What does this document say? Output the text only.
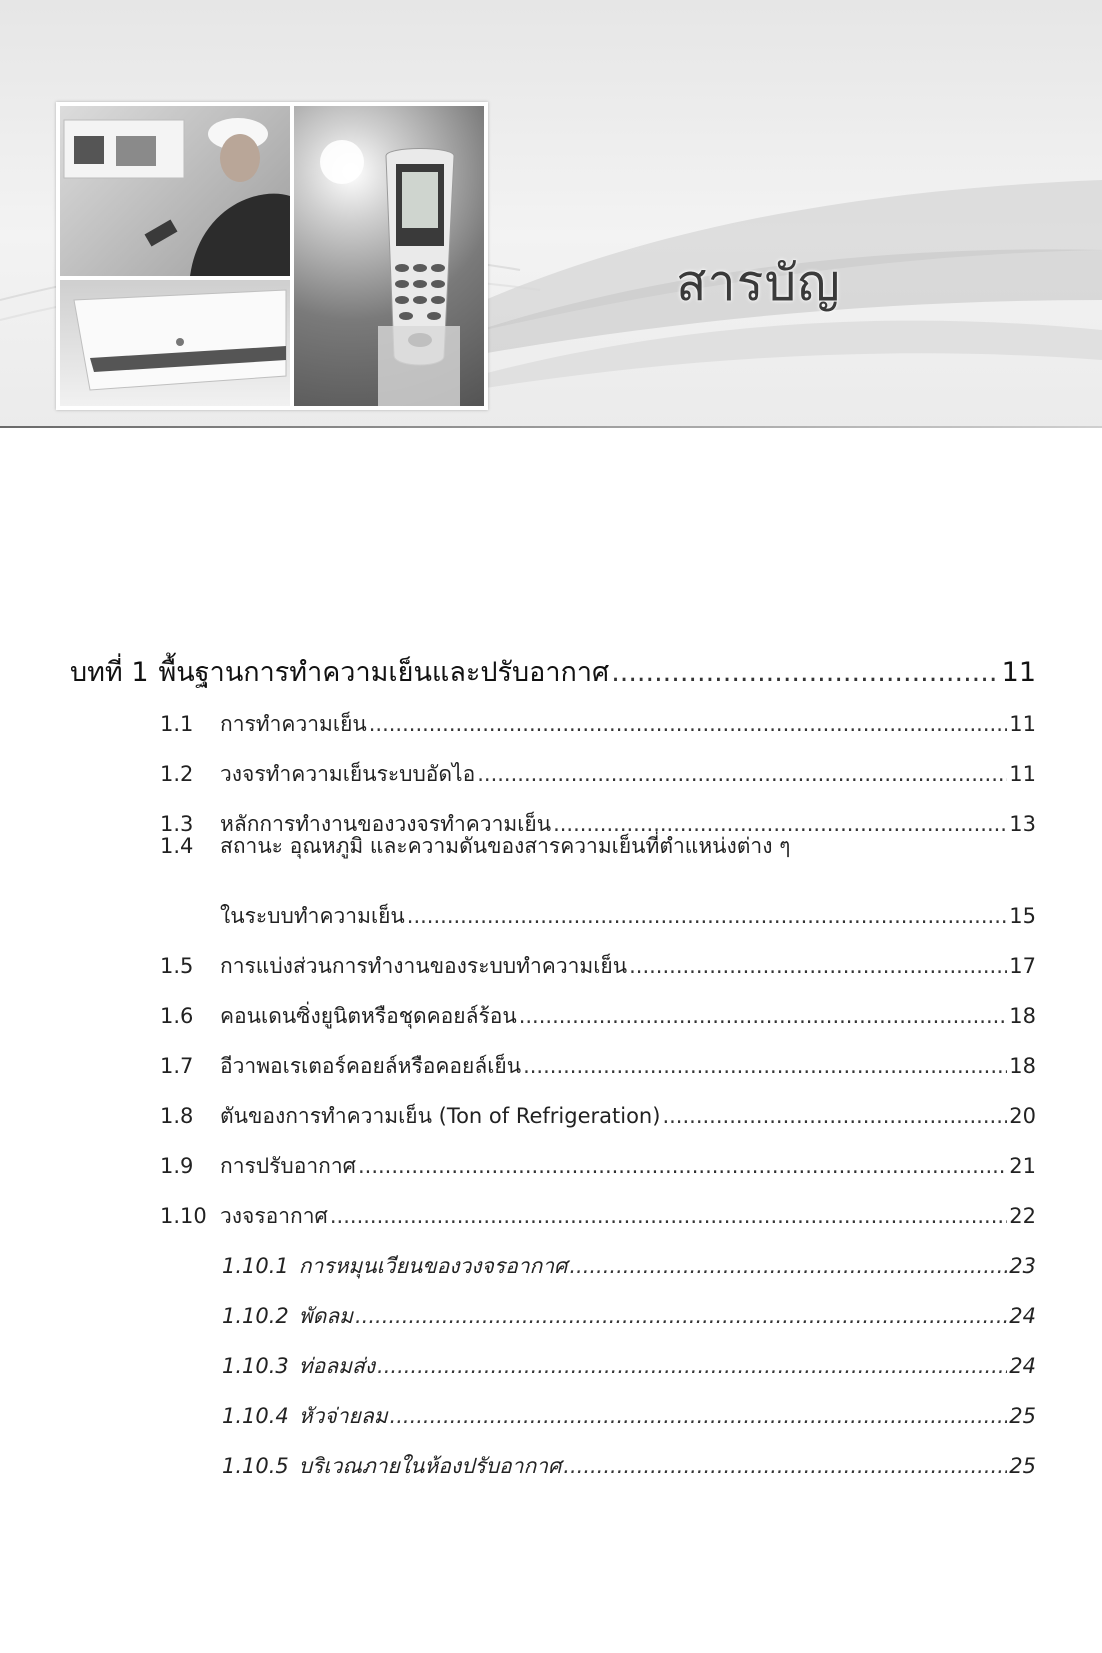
สารบัญ
บทที่ 1 พื้นฐานการทำความเย็นและปรับอากาศ .....	11
1.1	การทำความเย็น .....	11
1.2	วงจรทำความเย็นระบบอัดไอ .....	11
1.3	หลักการทำงานของวงจรทำความเย็น .....	13
1.4 สถานะ อุณหภูมิ และความดันของสารความเย็นที่ตำแหน่งต่าง ๆ
ในระบบทำความเย็น .....	15
1.5	การแบ่งส่วนการทำงานของระบบทำความเย็น .....	17
1.6	คอนเดนซิ่งยูนิตหรือชุดคอยล์ร้อน .....	18
1.7	อีวาพอเรเตอร์คอยล์หรือคอยล์เย็น .....	18
1.8	ตันของการทำความเย็น (Ton of Refrigeration) .....	20
1.9	การปรับอากาศ .....	21
1.10 วงจรอากาศ .....	22
1.10.1 การหมุนเวียนของวงจรอากาศ .....	23
1.10.2 พัดลม .....	24
1.10.3 ท่อลมส่ง .....	24
1.10.4 หัวจ่ายลม .....	25
1.10.5 บริเวณภายในห้องปรับอากาศ .....	25
